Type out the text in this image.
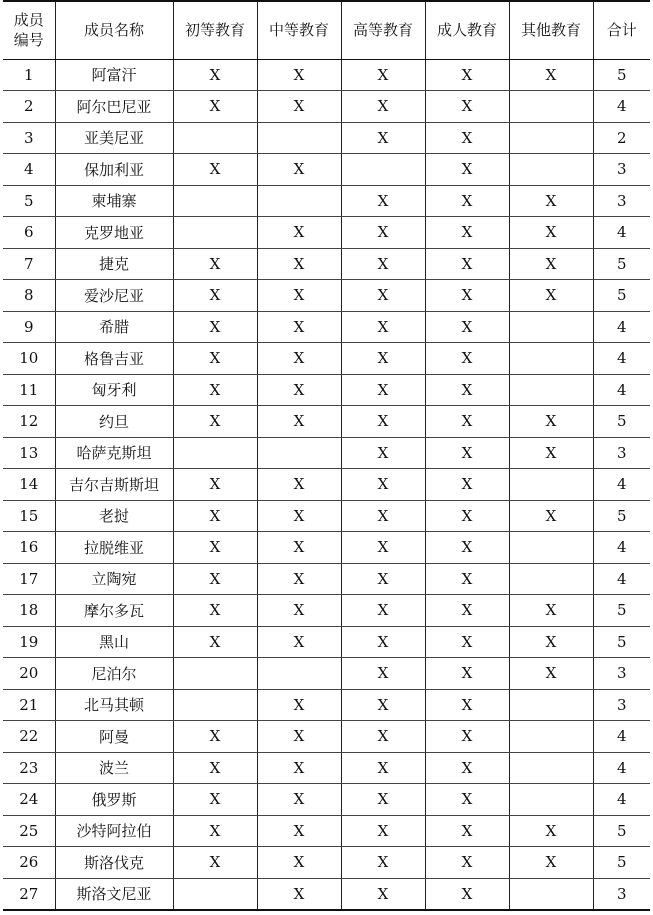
成员编号	成员名称	初等教育	中等教育	高等教育	成人教育	其他教育	合计
1	阿富汗	X	X	X	X	X	5
2	阿尔巴尼亚	X	X	X	X		4
3	亚美尼亚			X	X		2
4	保加利亚	X	X		X		3
5	柬埔寨			X	X	X	3
6	克罗地亚		X	X	X	X	4
7	捷克	X	X	X	X	X	5
8	爱沙尼亚	X	X	X	X	X	5
9	希腊	X	X	X	X		4
10	格鲁吉亚	X	X	X	X		4
11	匈牙利	X	X	X	X		4
12	约旦	X	X	X	X	X	5
13	哈萨克斯坦			X	X	X	3
14	吉尔吉斯斯坦	X	X	X	X		4
15	老挝	X	X	X	X	X	5
16	拉脱维亚	X	X	X	X		4
17	立陶宛	X	X	X	X		4
18	摩尔多瓦	X	X	X	X	X	5
19	黑山	X	X	X	X	X	5
20	尼泊尔			X	X	X	3
21	北马其顿		X	X	X		3
22	阿曼	X	X	X	X		4
23	波兰	X	X	X	X		4
24	俄罗斯	X	X	X	X		4
25	沙特阿拉伯	X	X	X	X	X	5
26	斯洛伐克	X	X	X	X	X	5
27	斯洛文尼亚		X	X	X		3
